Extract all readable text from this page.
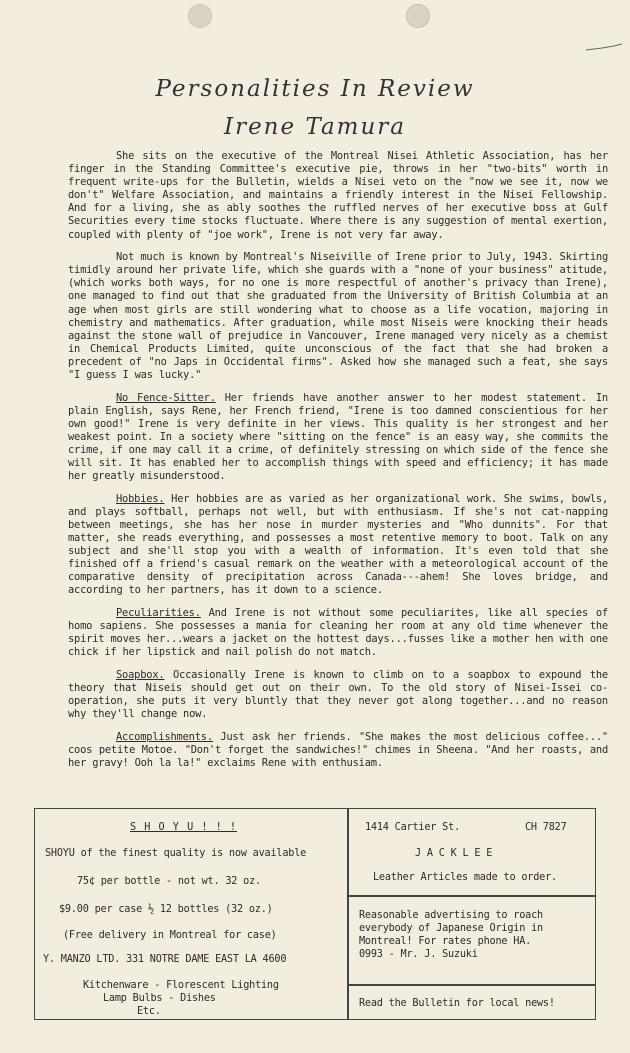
Personalities In Review
Irene Tamura

She sits on the executive of the Montreal Nisei Athletic Association, has her finger in the Standing Committee's executive pie, throws in her "two-bits" worth in frequent write-ups for the Bulletin, wields a Nisei veto on the "now we see it, now we don't" Welfare Association, and maintains a friendly interest in the Nisei Fellowship. And for a living, she as ably soothes the ruffled nerves of her executive boss at Gulf Securities every time stocks fluctuate. Where there is any suggestion of mental exertion, coupled with plenty of "joe work", Irene is not very far away.

Not much is known by Montreal's Niseiville of Irene prior to July, 1943. Skirting timidly around her private life, which she guards with a "none of your business" atitude, (which works both ways, for no one is more respectful of another's privacy than Irene), one managed to find out that she graduated from the University of British Columbia at an age when most girls are still wondering what to choose as a life vocation, majoring in chemistry and mathematics. After graduation, while most Niseis were knocking their heads against the stone wall of prejudice in Vancouver, Irene managed very nicely as a chemist in Chemical Products Limited, quite unconscious of the fact that she had broken a precedent of "no Japs in Occidental firms". Asked how she managed such a feat, she says "I guess I was lucky."

No Fence-Sitter. Her friends have another answer to her modest statement. In plain English, says Rene, her French friend, "Irene is too damned conscientious for her own good!" Irene is very definite in her views. This quality is her strongest and her weakest point. In a society where "sitting on the fence" is an easy way, she commits the crime, if one may call it a crime, of definitely stressing on which side of the fence she will sit. It has enabled her to accomplish things with speed and efficiency; it has made her greatly misunderstood.

Hobbies. Her hobbies are as varied as her organizational work. She swims, bowls, and plays softball, perhaps not well, but with enthusiasm. If she's not cat-napping between meetings, she has her nose in murder mysteries and "Who dunnits". For that matter, she reads everything, and possesses a most retentive memory to boot. Talk on any subject and she'll stop you with a wealth of information. It's even told that she finished off a friend's casual remark on the weather with a meteorological account of the comparative density of precipitation across Canada---ahem! She loves bridge, and according to her partners, has it down to a science.

Peculiarities. And Irene is not without some peculiarites, like all species of homo sapiens. She possesses a mania for cleaning her room at any old time whenever the spirit moves her...wears a jacket on the hottest days...fusses like a mother hen with one chick if her lipstick and nail polish do not match.

Soapbox. Occasionally Irene is known to climb on to a soapbox to expound the theory that Niseis should get out on their own. To the old story of Nisei-Issei co-operation, she puts it very bluntly that they never got along together...and no reason why they'll change now.

Accomplishments. Just ask her friends. "She makes the most delicious coffee..." coos petite Motoe. "Don't forget the sandwiches!" chimes in Sheena. "And her roasts, and her gravy! Ooh la la!" exclaims Rene with enthusiam.

S H O Y U ! ! !
SHOYU of the finest quality is now available
75¢ per bottle - not wt. 32 oz.
$9.00 per case ½ 12 bottles (32 oz.)
(Free delivery in Montreal for case)
Y. MANZO LTD. 331 NOTRE DAME EAST LA 4600
Kitchenware - Florescent Lighting
Lamp Bulbs - Dishes
Etc.
1414 Cartier St.	CH 7827
J A C K L E E
Leather Articles made to order.
Reasonable advertising to roach
everybody of Japanese Origin in
Montreal! For rates phone HA.
0993 - Mr. J. Suzuki
Read the Bulletin for local news!
